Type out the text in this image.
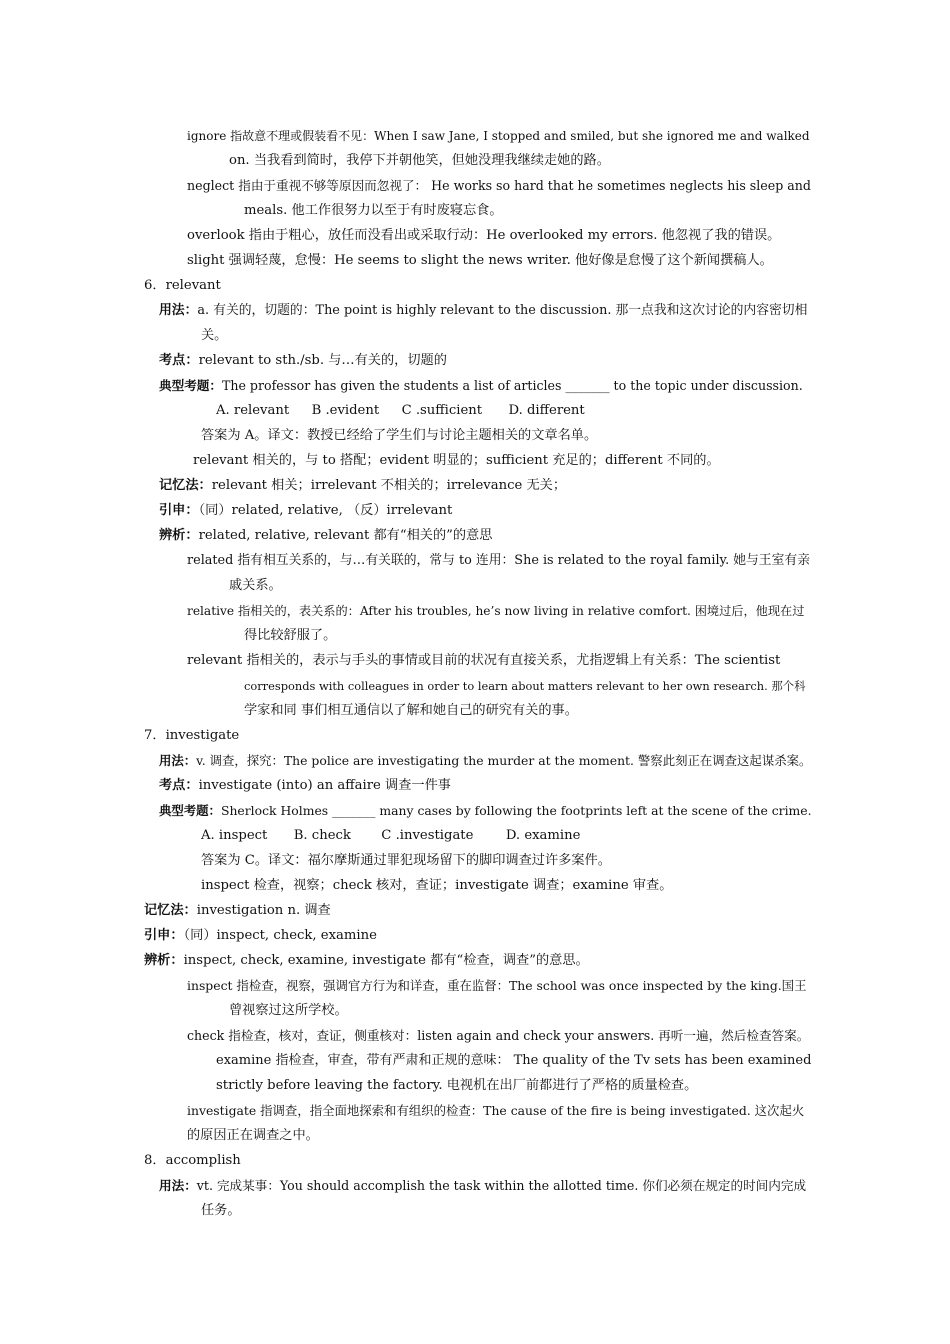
ignore 指故意不理或假装看不见：When I saw Jane, I stopped and smiled, but she ignored me and walked
on. 当我看到简时，我停下并朝他笑，但她没理我继续走她的路。
neglect 指由于重视不够等原因而忽视了： He works so hard that he sometimes neglects his sleep and
meals. 他工作很努力以至于有时废寝忘食。
overlook 指由于粗心，放任而没看出或采取行动：He overlooked my errors. 他忽视了我的错误。
slight 强调轻蔑，怠慢：He seems to slight the news writer. 他好像是怠慢了这个新闻撰稿人。
6．relevant
用法：a. 有关的，切题的：The point is highly relevant to the discussion. 那一点我和这次讨论的内容密切相
关。
考点：relevant to sth./sb. 与…有关的，切题的
典型考题：The professor has given the students a list of articles _______ to the topic under discussion.
A. relevant B .evident C .sufficient D. different
答案为 A。译文：教授已经给了学生们与讨论主题相关的文章名单。
relevant 相关的，与 to 搭配；evident 明显的；sufficient 充足的；different 不同的。
记忆法：relevant 相关；irrelevant 不相关的；irrelevance 无关；
引申：（同）related, relative, （反）irrelevant
辨析：related, relative, relevant 都有“相关的”的意思
related 指有相互关系的，与…有关联的，常与 to 连用：She is related to the royal family. 她与王室有亲
戚关系。
relative 指相关的，表关系的：After his troubles, he’s now living in relative comfort. 困境过后，他现在过
得比较舒服了。
relevant 指相关的，表示与手头的事情或目前的状况有直接关系，尤指逻辑上有关系：The scientist
corresponds with colleagues in order to learn about matters relevant to her own research. 那个科
学家和同 事们相互通信以了解和她自己的研究有关的事。
7．investigate
用法：v. 调查，探究：The police are investigating the murder at the moment. 警察此刻正在调查这起谋杀案。
考点：investigate (into) an affaire 调查一件事
典型考题：Sherlock Holmes _______ many cases by following the footprints left at the scene of the crime.
A. inspect B. check C .investigate D. examine
答案为 C。译文：福尔摩斯通过罪犯现场留下的脚印调查过许多案件。
inspect 检查，视察；check 核对，查证；investigate 调查；examine 审查。
记忆法：investigation n. 调查
引申：（同）inspect, check, examine
辨析：inspect, check, examine, investigate 都有“检查，调查”的意思。
inspect 指检查，视察，强调官方行为和详查，重在监督：The school was once inspected by the king.国王
曾视察过这所学校。
check 指检查，核对，查证，侧重核对：listen again and check your answers. 再听一遍，然后检查答案。
examine 指检查，审查，带有严肃和正规的意味： The quality of the Tv sets has been examined
strictly before leaving the factory. 电视机在出厂前都进行了严格的质量检查。
investigate 指调查，指全面地探索和有组织的检查：The cause of the fire is being investigated. 这次起火
的原因正在调查之中。
8．accomplish
用法：vt. 完成某事：You should accomplish the task within the allotted time. 你们必须在规定的时间内完成
任务。
